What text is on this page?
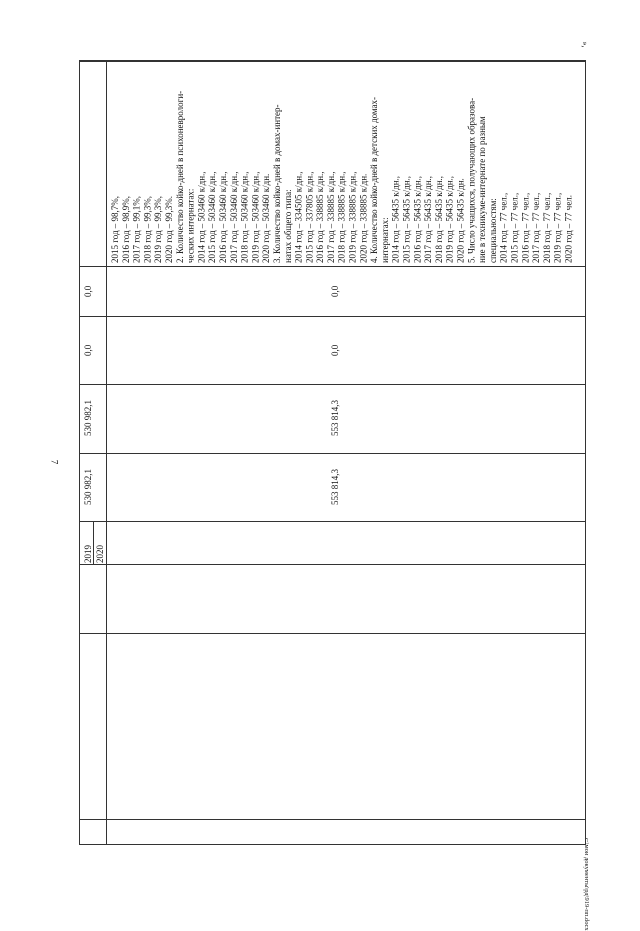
7
»,
c:\мои документы\рд\919-пп.docx
2015 год – 98,7%, 2016 год – 98,9%, 2017 год – 99,1%, 2018 год – 99,3%, 2019 год – 99,3%, 2020 год – 99,3%. 2. Количество койко-дней в психоневрологи- ческих интернатах: 2014 год – 503460 к/дн., 2015 год – 503460 к/дн., 2016 год – 503460 к/дн., 2017 год – 503460 к/дн., 2018 год – 503460 к/дн., 2019 год – 503460 к/дн., 2020 год – 503460 к/дн. 3. Количество койко-дней в домах-интер- натах общего типа: 2014 год – 334505 к/дн., 2015 год – 337805 к/дн., 2016 год – 338885 к/дн., 2017 год – 338885 к/дн., 2018 год – 338885 к/дн., 2019 год – 338885 к/дн., 2020 год – 338885 к/дн. 4. Количество койко-дней в детских домах- интернатах: 2014 год – 56435 к/дн., 2015 год – 56435 к/дн., 2016 год – 56435 к/дн., 2017 год – 56435 к/дн., 2018 год – 56435 к/дн., 2019 год – 56435 к/дн., 2020 год – 56435 к/дн. 5. Число учащихся, получающих образова- ние в техникуме-интернате по разным специальностям: 2014 год – 77 чел., 2015 год – 77 чел., 2016 год – 77 чел., 2017 год – 77 чел., 2018 год – 77 чел., 2019 год – 77 чел., 2020 год – 77 чел.
2019 2020
530 982,1
530 982,1
0,0
0,0
553 814,3
553 814,3
0,0
0,0
